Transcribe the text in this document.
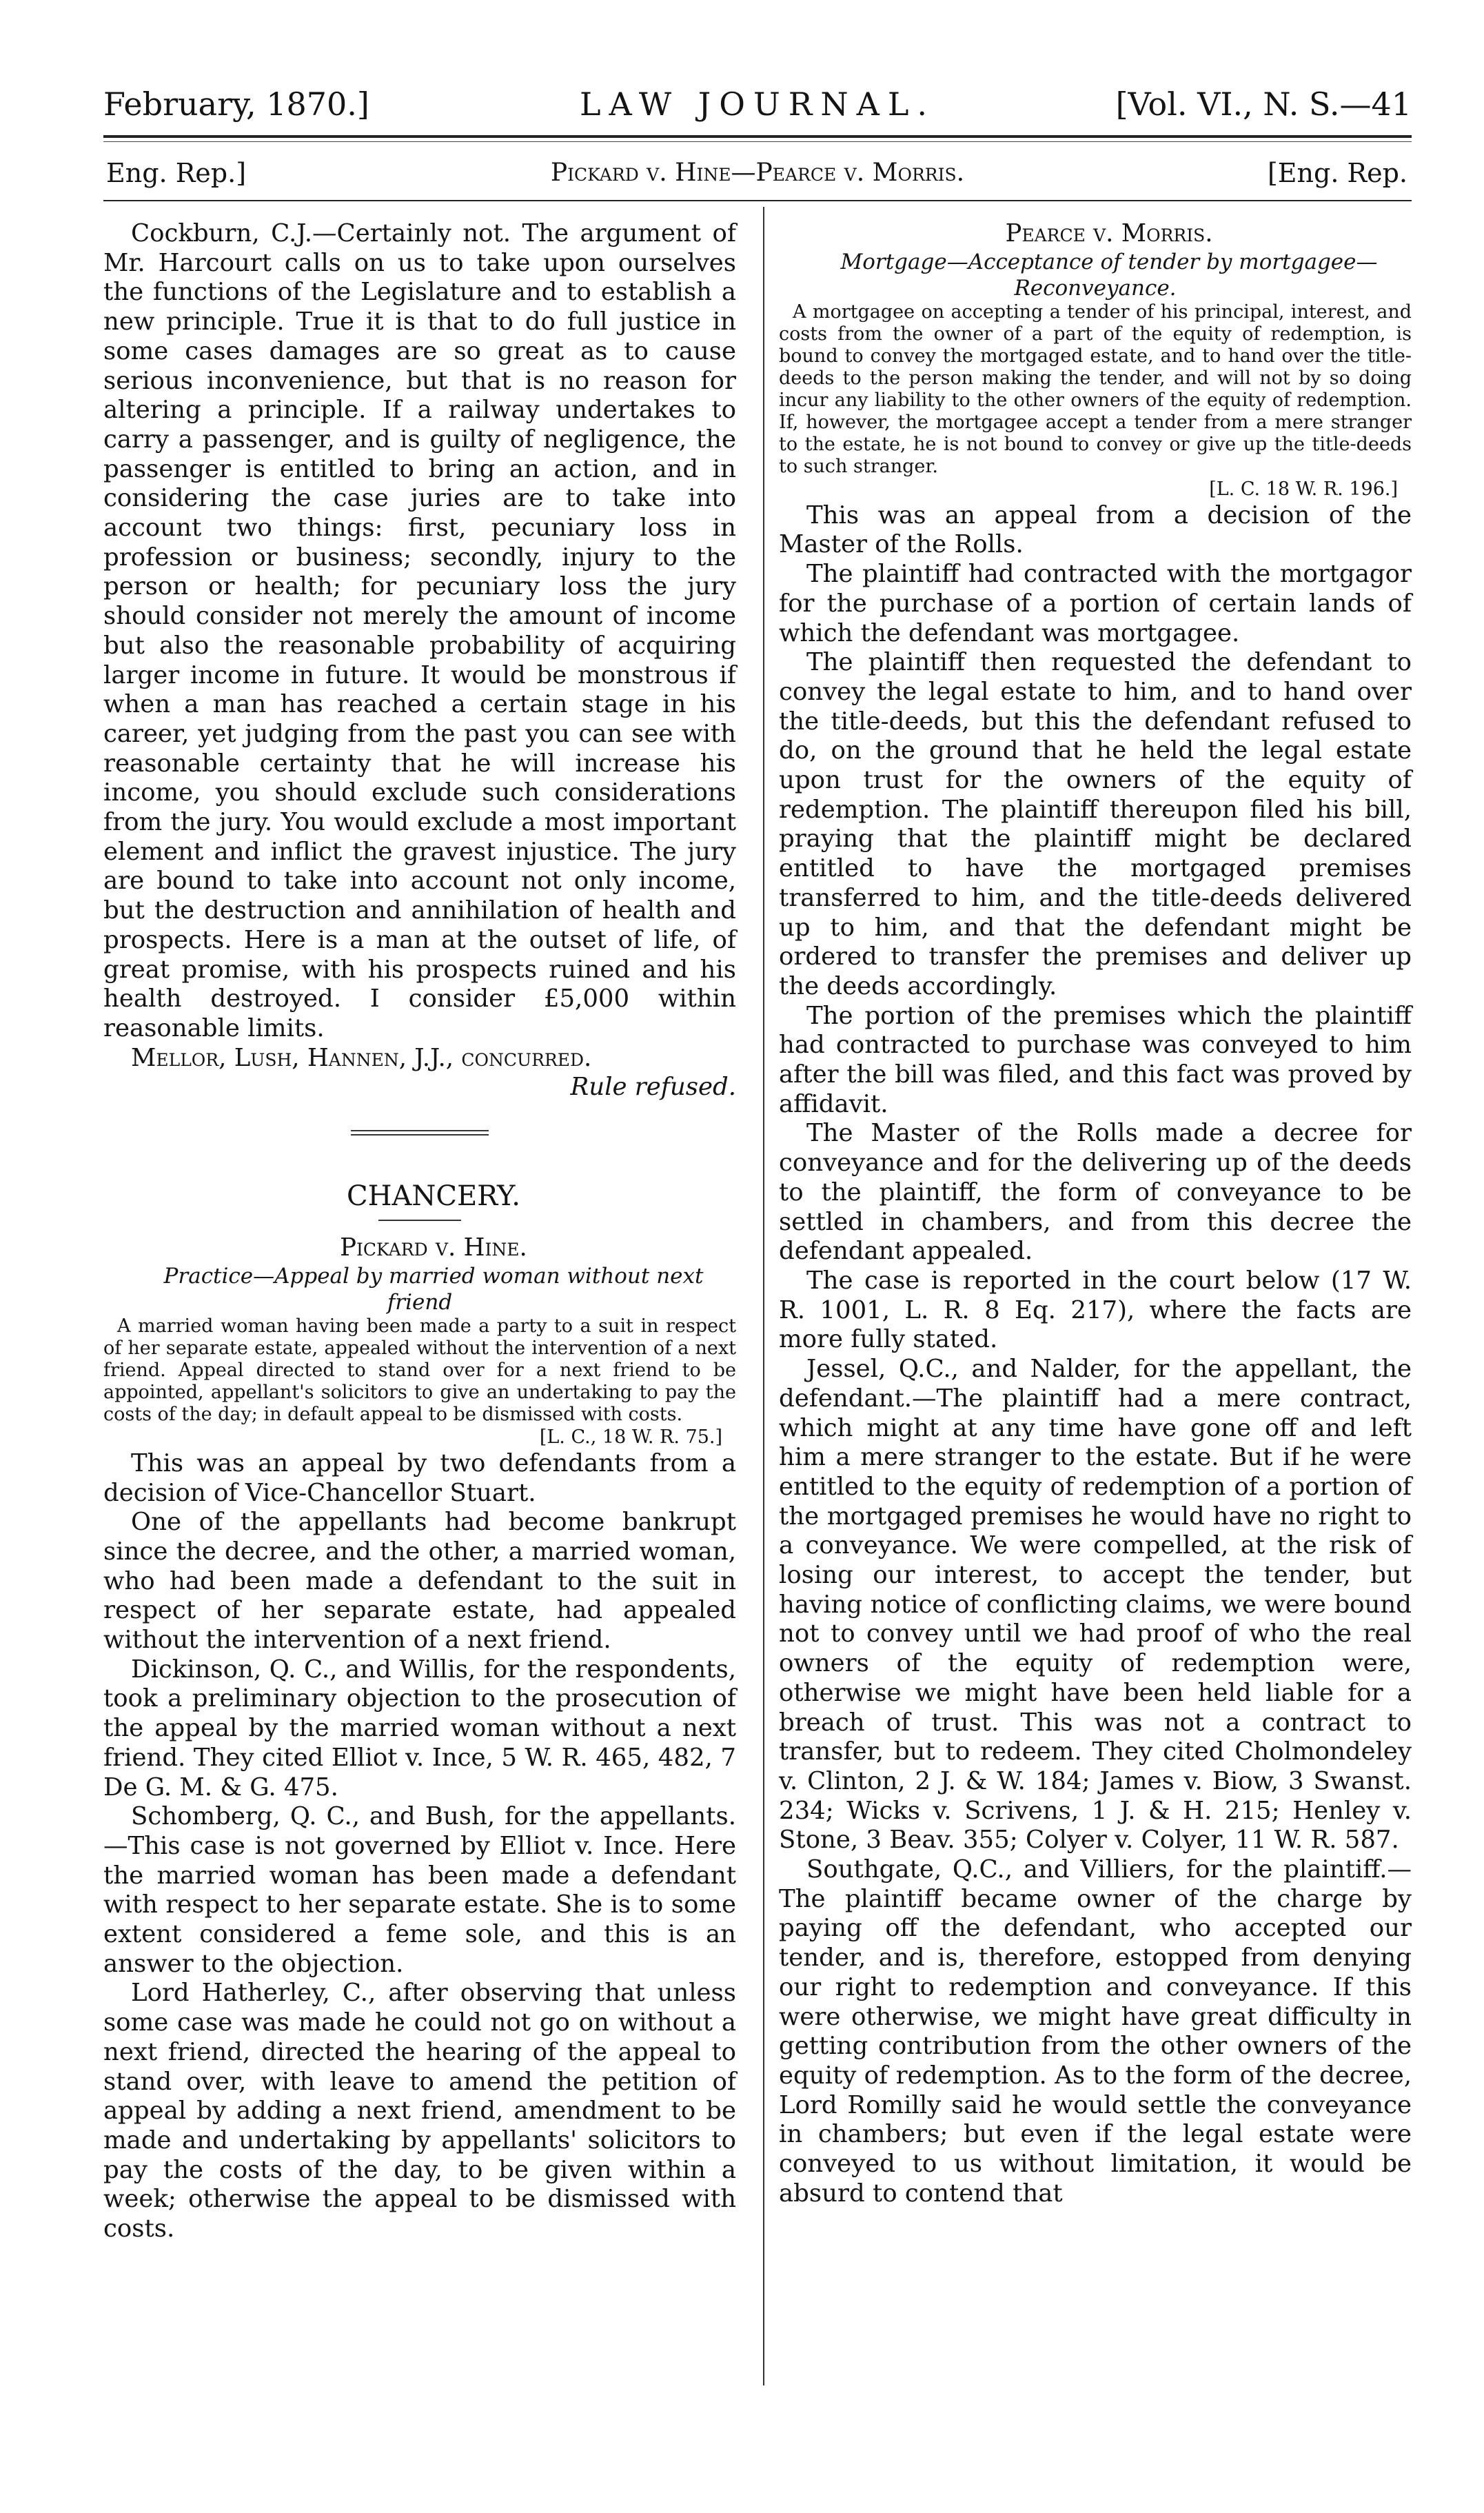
February, 1870.]	LAW JOURNAL.	[Vol. VI., N. S.—41
Eng. Rep.]	Pickard v. Hine—Pearce v. Morris.	[Eng. Rep.

Cockburn, C.J.—Certainly not. The argument of Mr. Harcourt calls on us to take upon ourselves the functions of the Legislature and to establish a new principle. True it is that to do full justice in some cases damages are so great as to cause serious inconvenience, but that is no reason for altering a principle. If a railway undertakes to carry a passenger, and is guilty of negligence, the passenger is entitled to bring an action, and in considering the case juries are to take into account two things: first, pecuniary loss in profession or business; secondly, injury to the person or health; for pecuniary loss the jury should consider not merely the amount of income but also the reasonable probability of acquiring larger income in future. It would be monstrous if when a man has reached a certain stage in his career, yet judging from the past you can see with reasonable certainty that he will increase his income, you should exclude such considerations from the jury. You would exclude a most important element and inflict the gravest injustice. The jury are bound to take into account not only income, but the destruction and annihilation of health and prospects. Here is a man at the outset of life, of great promise, with his prospects ruined and his health destroyed. I consider £5,000 within reasonable limits.

Mellor, Lush, Hannen, J.J., concurred.

Rule refused.

CHANCERY.

Pickard v. Hine.

Practice—Appeal by married woman without next friend

A married woman having been made a party to a suit in respect of her separate estate, appealed without the intervention of a next friend. Appeal directed to stand over for a next friend to be appointed, appellant's solicitors to give an undertaking to pay the costs of the day; in default appeal to be dismissed with costs.

[L. C., 18 W. R. 75.]

This was an appeal by two defendants from a decision of Vice-Chancellor Stuart.

One of the appellants had become bankrupt since the decree, and the other, a married woman, who had been made a defendant to the suit in respect of her separate estate, had appealed without the intervention of a next friend.

Dickinson, Q. C., and Willis, for the respondents, took a preliminary objection to the prosecution of the appeal by the married woman without a next friend. They cited Elliot v. Ince, 5 W. R. 465, 482, 7 De G. M. & G. 475.

Schomberg, Q. C., and Bush, for the appellants.—This case is not governed by Elliot v. Ince. Here the married woman has been made a defendant with respect to her separate estate. She is to some extent considered a feme sole, and this is an answer to the objection.

Lord Hatherley, C., after observing that unless some case was made he could not go on without a next friend, directed the hearing of the appeal to stand over, with leave to amend the petition of appeal by adding a next friend, amendment to be made and undertaking by appellants' solicitors to pay the costs of the day, to be given within a week; otherwise the appeal to be dismissed with costs.

Pearce v. Morris.

Mortgage—Acceptance of tender by mortgagee—Reconveyance.

A mortgagee on accepting a tender of his principal, interest, and costs from the owner of a part of the equity of redemption, is bound to convey the mortgaged estate, and to hand over the title-deeds to the person making the tender, and will not by so doing incur any liability to the other owners of the equity of redemption. If, however, the mortgagee accept a tender from a mere stranger to the estate, he is not bound to convey or give up the title-deeds to such stranger.

[L. C. 18 W. R. 196.]

This was an appeal from a decision of the Master of the Rolls.

The plaintiff had contracted with the mortgagor for the purchase of a portion of certain lands of which the defendant was mortgagee.

The plaintiff then requested the defendant to convey the legal estate to him, and to hand over the title-deeds, but this the defendant refused to do, on the ground that he held the legal estate upon trust for the owners of the equity of redemption. The plaintiff thereupon filed his bill, praying that the plaintiff might be declared entitled to have the mortgaged premises transferred to him, and the title-deeds delivered up to him, and that the defendant might be ordered to transfer the premises and deliver up the deeds accordingly.

The portion of the premises which the plaintiff had contracted to purchase was conveyed to him after the bill was filed, and this fact was proved by affidavit.

The Master of the Rolls made a decree for conveyance and for the delivering up of the deeds to the plaintiff, the form of conveyance to be settled in chambers, and from this decree the defendant appealed.

The case is reported in the court below (17 W. R. 1001, L. R. 8 Eq. 217), where the facts are more fully stated.

Jessel, Q.C., and Nalder, for the appellant, the defendant.—The plaintiff had a mere contract, which might at any time have gone off and left him a mere stranger to the estate. But if he were entitled to the equity of redemption of a portion of the mortgaged premises he would have no right to a conveyance. We were compelled, at the risk of losing our interest, to accept the tender, but having notice of conflicting claims, we were bound not to convey until we had proof of who the real owners of the equity of redemption were, otherwise we might have been held liable for a breach of trust. This was not a contract to transfer, but to redeem. They cited Cholmondeley v. Clinton, 2 J. & W. 184; James v. Biow, 3 Swanst. 234; Wicks v. Scrivens, 1 J. & H. 215; Henley v. Stone, 3 Beav. 355; Colyer v. Colyer, 11 W. R. 587.

Southgate, Q.C., and Villiers, for the plaintiff.—The plaintiff became owner of the charge by paying off the defendant, who accepted our tender, and is, therefore, estopped from denying our right to redemption and conveyance. If this were otherwise, we might have great difficulty in getting contribution from the other owners of the equity of redemption. As to the form of the decree, Lord Romilly said he would settle the conveyance in chambers; but even if the legal estate were conveyed to us without limitation, it would be absurd to contend that
